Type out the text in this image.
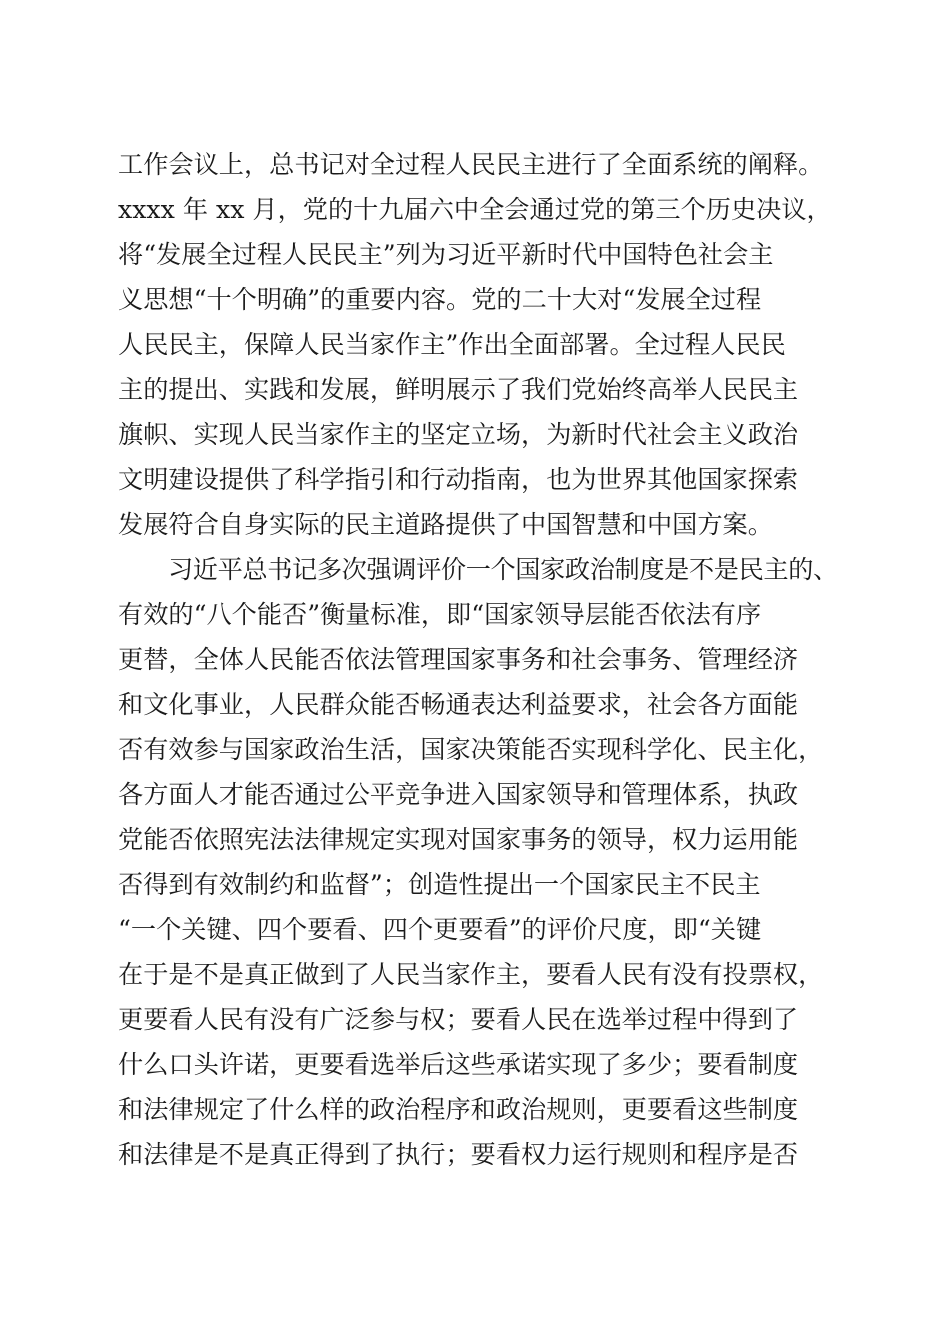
工作会议上，总书记对全过程人民民主进行了全面系统的阐释。
xxxx 年 xx 月，党的十九届六中全会通过党的第三个历史决议，
将“发展全过程人民民主”列为习近平新时代中国特色社会主
义思想“十个明确”的重要内容。党的二十大对“发展全过程
人民民主，保障人民当家作主”作出全面部署。全过程人民民
主的提出、实践和发展，鲜明展示了我们党始终高举人民民主
旗帜、实现人民当家作主的坚定立场，为新时代社会主义政治
文明建设提供了科学指引和行动指南，也为世界其他国家探索
发展符合自身实际的民主道路提供了中国智慧和中国方案。
习近平总书记多次强调评价一个国家政治制度是不是民主的、
有效的“八个能否”衡量标准，即“国家领导层能否依法有序
更替，全体人民能否依法管理国家事务和社会事务、管理经济
和文化事业，人民群众能否畅通表达利益要求，社会各方面能
否有效参与国家政治生活，国家决策能否实现科学化、民主化，
各方面人才能否通过公平竞争进入国家领导和管理体系，执政
党能否依照宪法法律规定实现对国家事务的领导，权力运用能
否得到有效制约和监督”；创造性提出一个国家民主不民主
“一个关键、四个要看、四个更要看”的评价尺度，即“关键
在于是不是真正做到了人民当家作主，要看人民有没有投票权，
更要看人民有没有广泛参与权；要看人民在选举过程中得到了
什么口头许诺，更要看选举后这些承诺实现了多少；要看制度
和法律规定了什么样的政治程序和政治规则，更要看这些制度
和法律是不是真正得到了执行；要看权力运行规则和程序是否
